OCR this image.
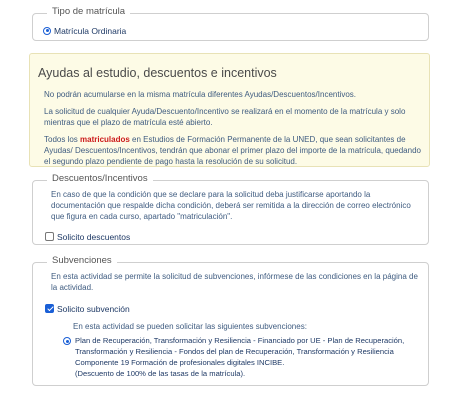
Tipo de matrícula
Matrícula Ordinaria
Ayudas al estudio, descuentos e incentivos

No podrán acumularse en la misma matrícula diferentes Ayudas/Descuentos/Incentivos.

La solicitud de cualquier Ayuda/Descuento/Incentivo se realizará en el momento de la matrícula y solo mientras que el plazo de matrícula esté abierto.

Todos los matriculados en Estudios de Formación Permanente de la UNED, que sean solicitantes de Ayudas/ Descuentos/Incentivos, tendrán que abonar el primer plazo del importe de la matrícula, quedando el segundo plazo pendiente de pago hasta la resolución de su solicitud.

Descuentos/Incentivos

En caso de que la condición que se declare para la solicitud deba justificarse aportando la documentación que respalde dicha condición, deberá ser remitida a la dirección de correo electrónico que figura en cada curso, apartado "matriculación".

Solicito descuentos
Subvenciones

En esta actividad se permite la solicitud de subvenciones, infórmese de las condiciones en la página de la actividad.

Solicito subvención

En esta actividad se pueden solicitar las siguientes subvenciones:

Plan de Recuperación, Transformación y Resiliencia - Financiado por UE - Plan de Recuperación,
Transformación y Resiliencia - Fondos del plan de Recuperación, Transformación y Resiliencia
Componente 19 Formación de profesionales digitales INCIBE.
(Descuento de 100% de las tasas de la matrícula).
